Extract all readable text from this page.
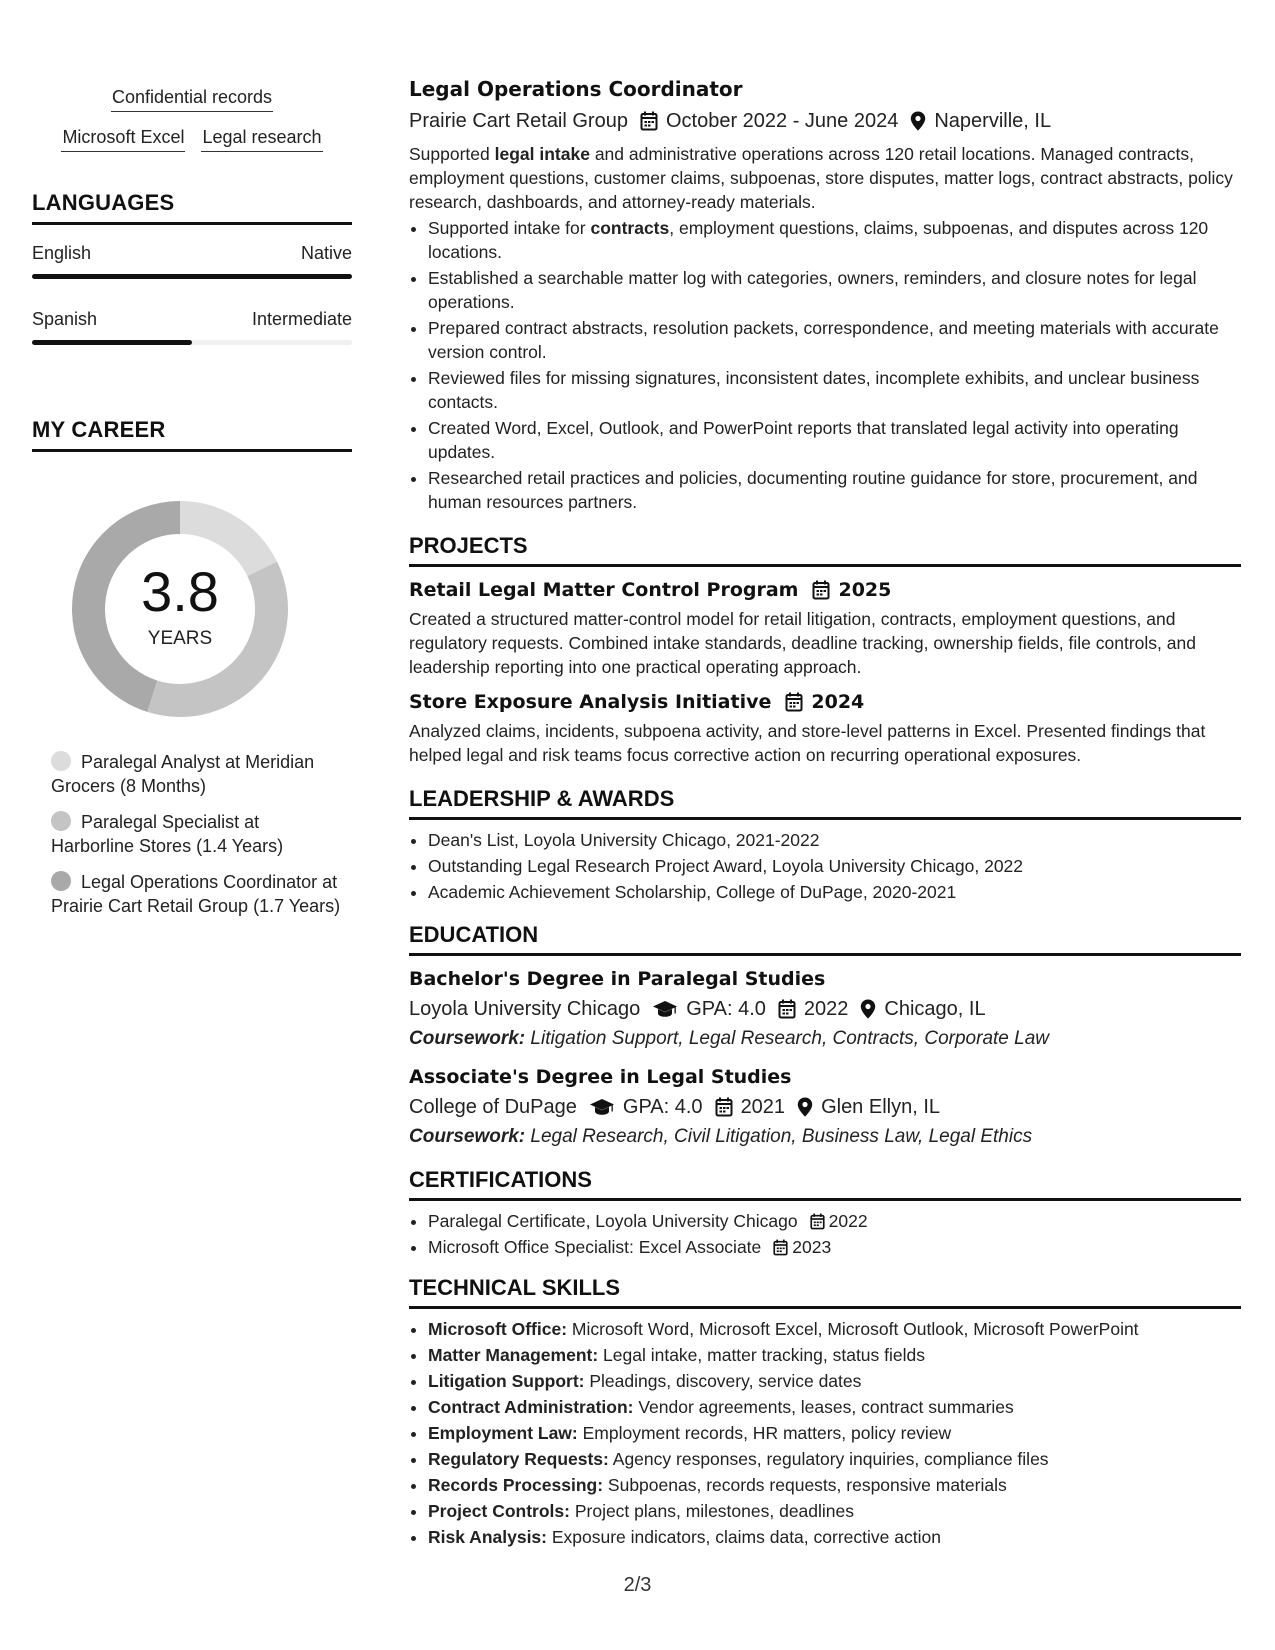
Confidential records
Microsoft Excel Legal research
LANGUAGES
English	Native
Spanish	Intermediate
MY CAREER
3.8
YEARS
Paralegal Analyst at Meridian Grocers (8 Months)
Paralegal Specialist at Harborline Stores (1.4 Years)
Legal Operations Coordinator at Prairie Cart Retail Group (1.7 Years)
Legal Operations Coordinator
Prairie Cart Retail Group October 2022 - June 2024 Naperville, IL
Supported legal intake and administrative operations across 120 retail locations. Managed contracts, employment questions, customer claims, subpoenas, store disputes, matter logs, contract abstracts, policy research, dashboards, and attorney-ready materials.
• Supported intake for contracts, employment questions, claims, subpoenas, and disputes across 120 locations.
• Established a searchable matter log with categories, owners, reminders, and closure notes for legal operations.
• Prepared contract abstracts, resolution packets, correspondence, and meeting materials with accurate version control.
• Reviewed files for missing signatures, inconsistent dates, incomplete exhibits, and unclear business contacts.
• Created Word, Excel, Outlook, and PowerPoint reports that translated legal activity into operating updates.
• Researched retail practices and policies, documenting routine guidance for store, procurement, and human resources partners.
PROJECTS
Retail Legal Matter Control Program 2025
Created a structured matter-control model for retail litigation, contracts, employment questions, and regulatory requests. Combined intake standards, deadline tracking, ownership fields, file controls, and leadership reporting into one practical operating approach.
Store Exposure Analysis Initiative 2024
Analyzed claims, incidents, subpoena activity, and store-level patterns in Excel. Presented findings that helped legal and risk teams focus corrective action on recurring operational exposures.
LEADERSHIP & AWARDS
• Dean's List, Loyola University Chicago, 2021-2022
• Outstanding Legal Research Project Award, Loyola University Chicago, 2022
• Academic Achievement Scholarship, College of DuPage, 2020-2021
EDUCATION
Bachelor's Degree in Paralegal Studies
Loyola University Chicago GPA: 4.0 2022 Chicago, IL
Coursework: Litigation Support, Legal Research, Contracts, Corporate Law
Associate's Degree in Legal Studies
College of DuPage GPA: 4.0 2021 Glen Ellyn, IL
Coursework: Legal Research, Civil Litigation, Business Law, Legal Ethics
CERTIFICATIONS
• Paralegal Certificate, Loyola University Chicago 2022
• Microsoft Office Specialist: Excel Associate 2023
TECHNICAL SKILLS
• Microsoft Office: Microsoft Word, Microsoft Excel, Microsoft Outlook, Microsoft PowerPoint
• Matter Management: Legal intake, matter tracking, status fields
• Litigation Support: Pleadings, discovery, service dates
• Contract Administration: Vendor agreements, leases, contract summaries
• Employment Law: Employment records, HR matters, policy review
• Regulatory Requests: Agency responses, regulatory inquiries, compliance files
• Records Processing: Subpoenas, records requests, responsive materials
• Project Controls: Project plans, milestones, deadlines
• Risk Analysis: Exposure indicators, claims data, corrective action
2/3
